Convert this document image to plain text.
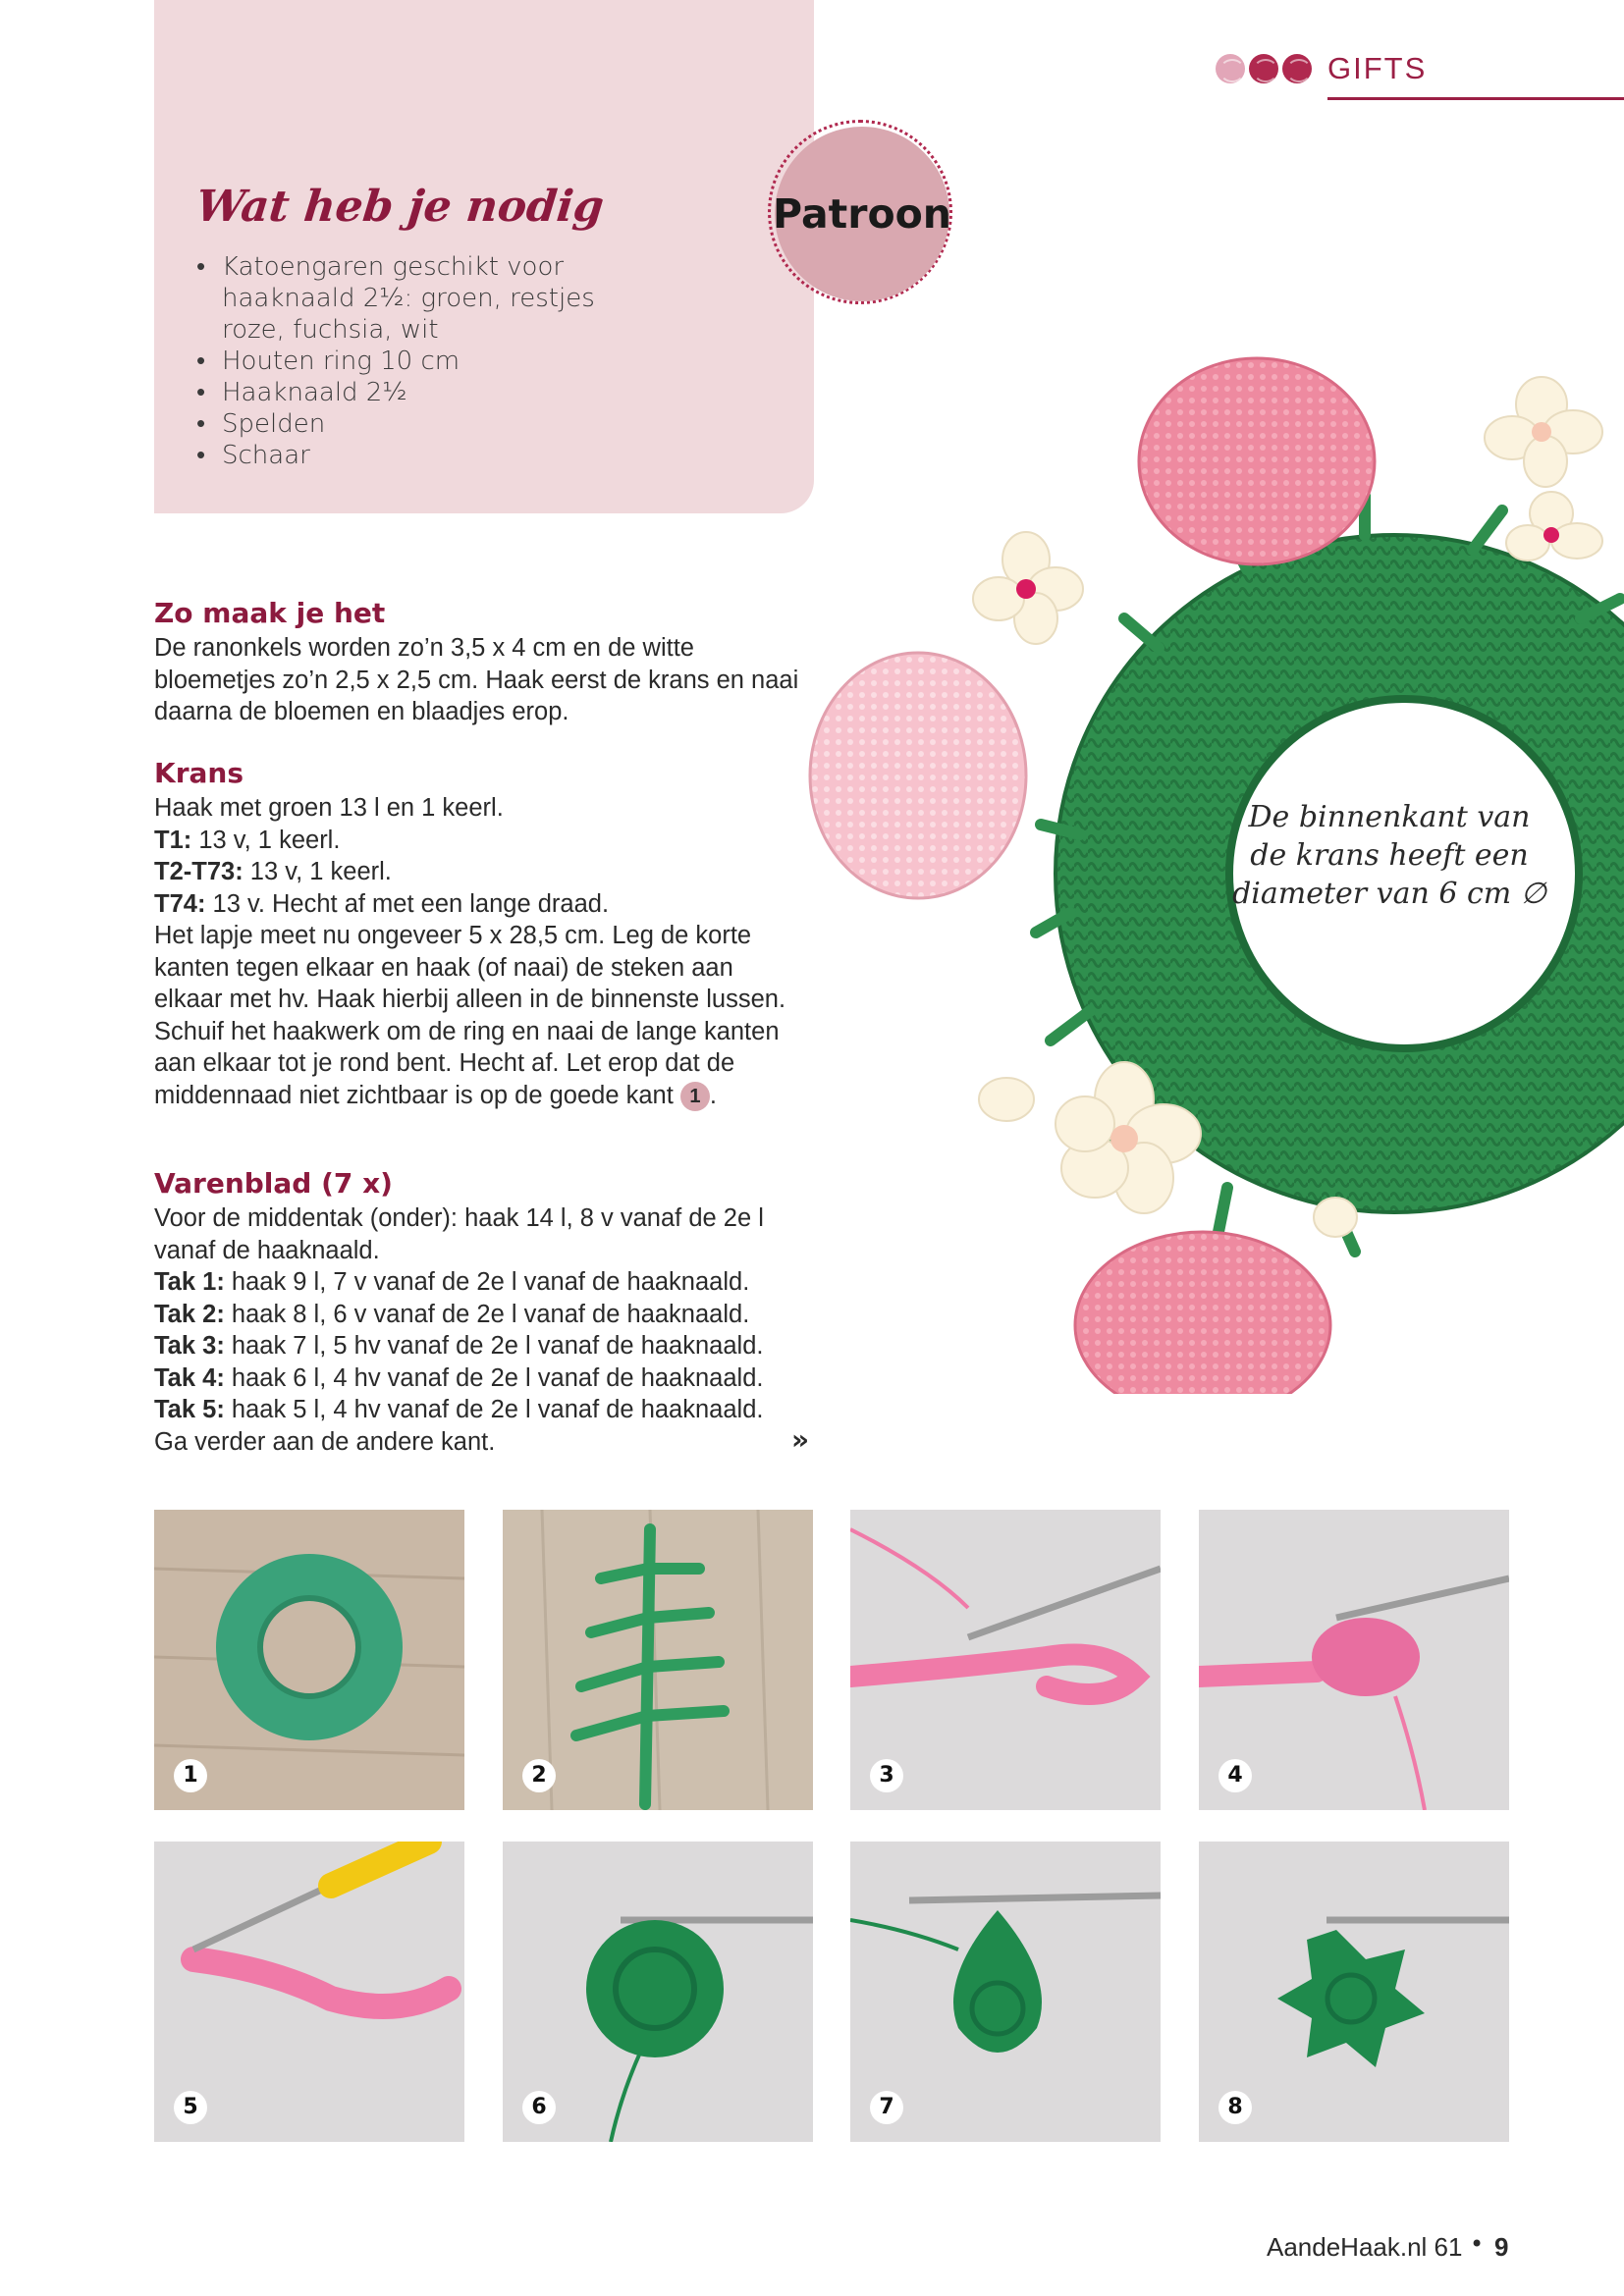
GIFTS
Wat heb je nodig
• Katoengaren geschikt voor haaknaald 2½: groen, restjes roze, fuchsia, wit
• Houten ring 10 cm
• Haaknaald 2½
• Spelden
• Schaar
De binnenkant van de krans heeft een diameter van 6 cm ∅
Patroon
Zo maak je het

De ranonkels worden zo’n 3,5 x 4 cm en de witte bloemetjes zo’n 2,5 x 2,5 cm. Haak eerst de krans en naai daarna de bloemen en blaadjes erop.

Krans

Haak met groen 13 l en 1 keerl.

T1: 13 v, 1 keerl.

T2-T73: 13 v, 1 keerl.

T74: 13 v. Hecht af met een lange draad.

Het lapje meet nu ongeveer 5 x 28,5 cm. Leg de korte kanten tegen elkaar en haak (of naai) de steken aan elkaar met hv. Haak hierbij alleen in de binnenste lussen. Schuif het haakwerk om de ring en naai de lange kanten aan elkaar tot je rond bent. Hecht af. Let erop dat de middennaad niet zichtbaar is op de goede kant 1 .

Varenblad (7 x)

Voor de middentak (onder): haak 14 l, 8 v vanaf de 2e l vanaf de haaknaald.

Tak 1: haak 9 l, 7 v vanaf de 2e l vanaf de haaknaald.

Tak 2: haak 8 l, 6 v vanaf de 2e l vanaf de haaknaald.

Tak 3: haak 7 l, 5 hv vanaf de 2e l vanaf de haaknaald.

Tak 4: haak 6 l, 4 hv vanaf de 2e l vanaf de haaknaald.

Tak 5: haak 5 l, 4 hv vanaf de 2e l vanaf de haaknaald.

Ga verder aan de andere kant.	»
1	2	3	4
5	6	7	8
AandeHaak.nl 61 • 9
